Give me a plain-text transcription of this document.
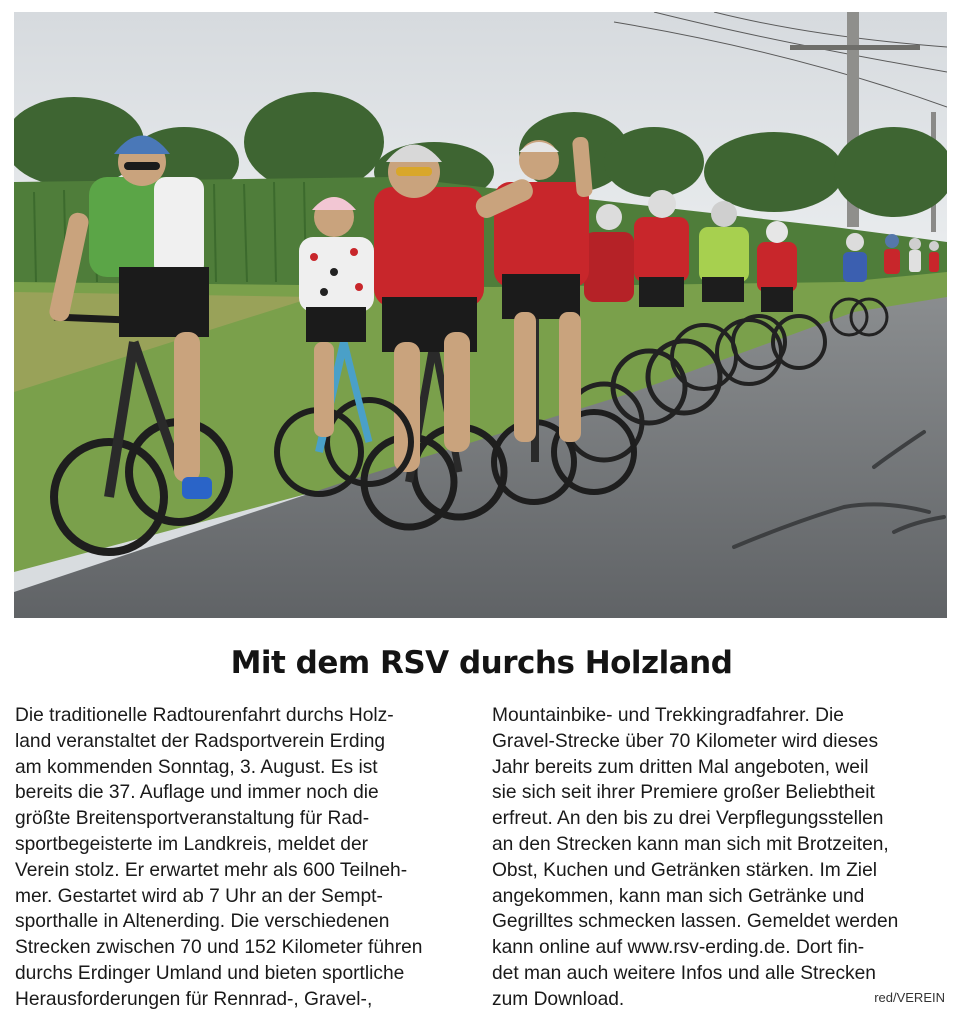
Mit dem RSV durchs Holzland
Die traditionelle Radtourenfahrt durchs Holz-
land veranstaltet der Radsportverein Erding
am kommenden Sonntag, 3. August. Es ist
bereits die 37. Auflage und immer noch die
größte Breitensportveranstaltung für Rad-
sportbegeisterte im Landkreis, meldet der
Verein stolz. Er erwartet mehr als 600 Teilneh-
mer. Gestartet wird ab 7 Uhr an der Sempt-
sporthalle in Altenerding. Die verschiedenen
Strecken zwischen 70 und 152 Kilometer führen
durchs Erdinger Umland und bieten sportliche
Herausforderungen für Rennrad-, Gravel-,
Mountainbike- und Trekkingradfahrer. Die
Gravel-Strecke über 70 Kilometer wird dieses
Jahr bereits zum dritten Mal angeboten, weil
sie sich seit ihrer Premiere großer Beliebtheit
erfreut. An den bis zu drei Verpflegungsstellen
an den Strecken kann man sich mit Brotzeiten,
Obst, Kuchen und Getränken stärken. Im Ziel
angekommen, kann man sich Getränke und
Gegrilltes schmecken lassen. Gemeldet werden
kann online auf www.rsv-erding.de. Dort fin-
det man auch weitere Infos und alle Strecken
zum Download.	red/VEREIN
